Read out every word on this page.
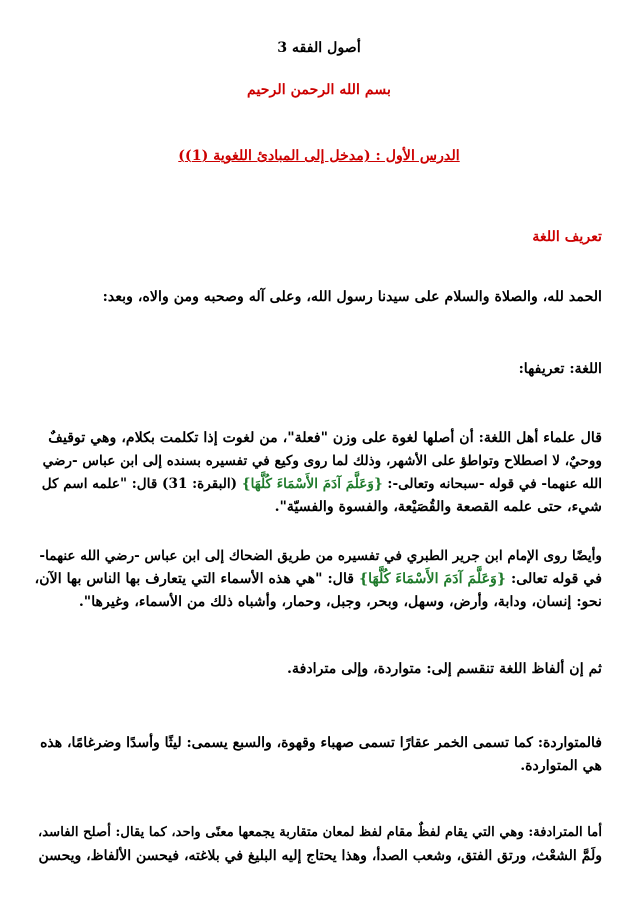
أصول الفقه 3
بسم الله الرحمن الرحيم
الدرس الأول : (مدخل إلى المبادئ اللغوية (1))
تعريف اللغة
الحمد لله، والصلاة والسلام على سيدنا رسول الله، وعلى آله وصحبه ومن والاه، وبعد:
اللغة: تعريفها:
قال علماء أهل اللغة: أن أصلها لغوة على وزن "فعلة"، من لغوت إذا تكلمت بكلام، وهي توقيفٌ
ووحيٌ، لا اصطلاح وتواطؤ على الأشهر، وذلك لما روى وكيع في تفسيره بسنده إلى ابن عباس -رضي
الله عنهما- في قوله -سبحانه وتعالى-: {وَعَلَّمَ آدَمَ الأَسْمَاءَ كُلَّهَا} (البقرة: 31) قال: "علمه اسم كل
شيء، حتى علمه القصعة والقُصَيْعة، والفسوة والفسيّة".
وأيضًا روى الإمام ابن جرير الطبري في تفسيره من طريق الضحاك إلى ابن عباس -رضي الله عنهما-
في قوله تعالى: {وَعَلَّمَ آدَمَ الأَسْمَاءَ كُلَّهَا} قال: "هي هذه الأسماء التي يتعارف بها الناس بها الآن،
نحو: إنسان، ودابة، وأرض، وسهل، وبحر، وجبل، وحمار، وأشباه ذلك من الأسماء، وغيرها".
ثم إن ألفاظ اللغة تنقسم إلى: متواردة، وإلى مترادفة.
فالمتواردة: كما تسمى الخمر عقارًا تسمى صهباء وقهوة، والسبع يسمى: ليثًا وأسدًا وضرغامًا، هذه
هي المتواردة.
أما المترادفة: وهي التي يقام لفظٌ مقام لفظ لمعان متقاربة يجمعها معنًى واحد، كما يقال: أصلح الفاسد،
ولَمَّ الشعْث، ورتق الفتق، وشعب الصدأ، وهذا يحتاج إليه البليغ في بلاغته، فيحسن الألفاظ، ويحسن
